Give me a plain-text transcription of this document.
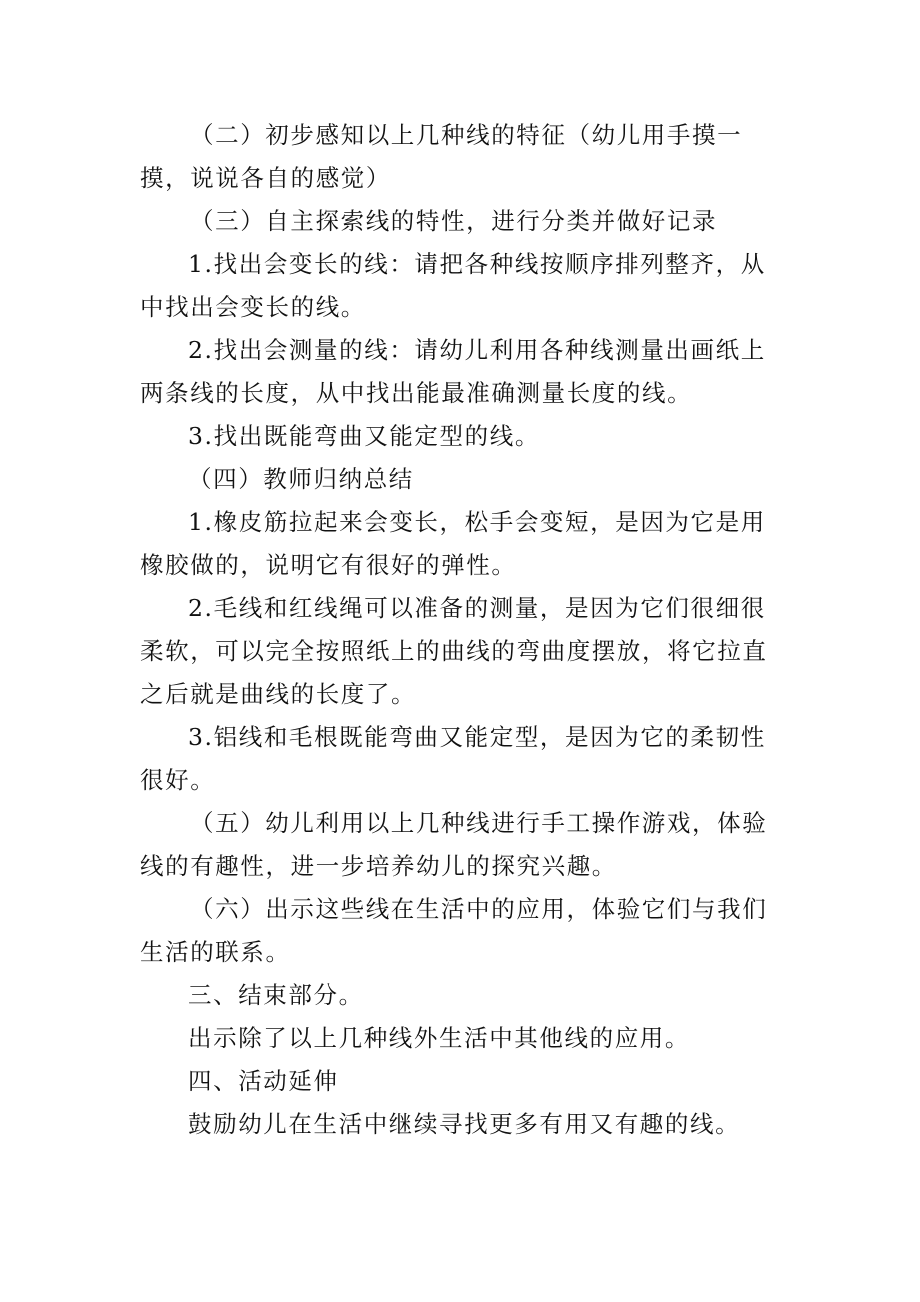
（二）初步感知以上几种线的特征（幼儿用手摸一摸，说说各自的感觉）

（三）自主探索线的特性，进行分类并做好记录

1.找出会变长的线：请把各种线按顺序排列整齐，从中找出会变长的线。

2.找出会测量的线：请幼儿利用各种线测量出画纸上两条线的长度，从中找出能最准确测量长度的线。

3.找出既能弯曲又能定型的线。

（四）教师归纳总结

1.橡皮筋拉起来会变长，松手会变短，是因为它是用橡胶做的，说明它有很好的弹性。

2.毛线和红线绳可以准备的测量，是因为它们很细很柔软，可以完全按照纸上的曲线的弯曲度摆放，将它拉直之后就是曲线的长度了。

3.铝线和毛根既能弯曲又能定型，是因为它的柔韧性很好。

（五）幼儿利用以上几种线进行手工操作游戏，体验线的有趣性，进一步培养幼儿的探究兴趣。

（六）出示这些线在生活中的应用，体验它们与我们生活的联系。

三、结束部分。

出示除了以上几种线外生活中其他线的应用。

四、活动延伸

鼓励幼儿在生活中继续寻找更多有用又有趣的线。
